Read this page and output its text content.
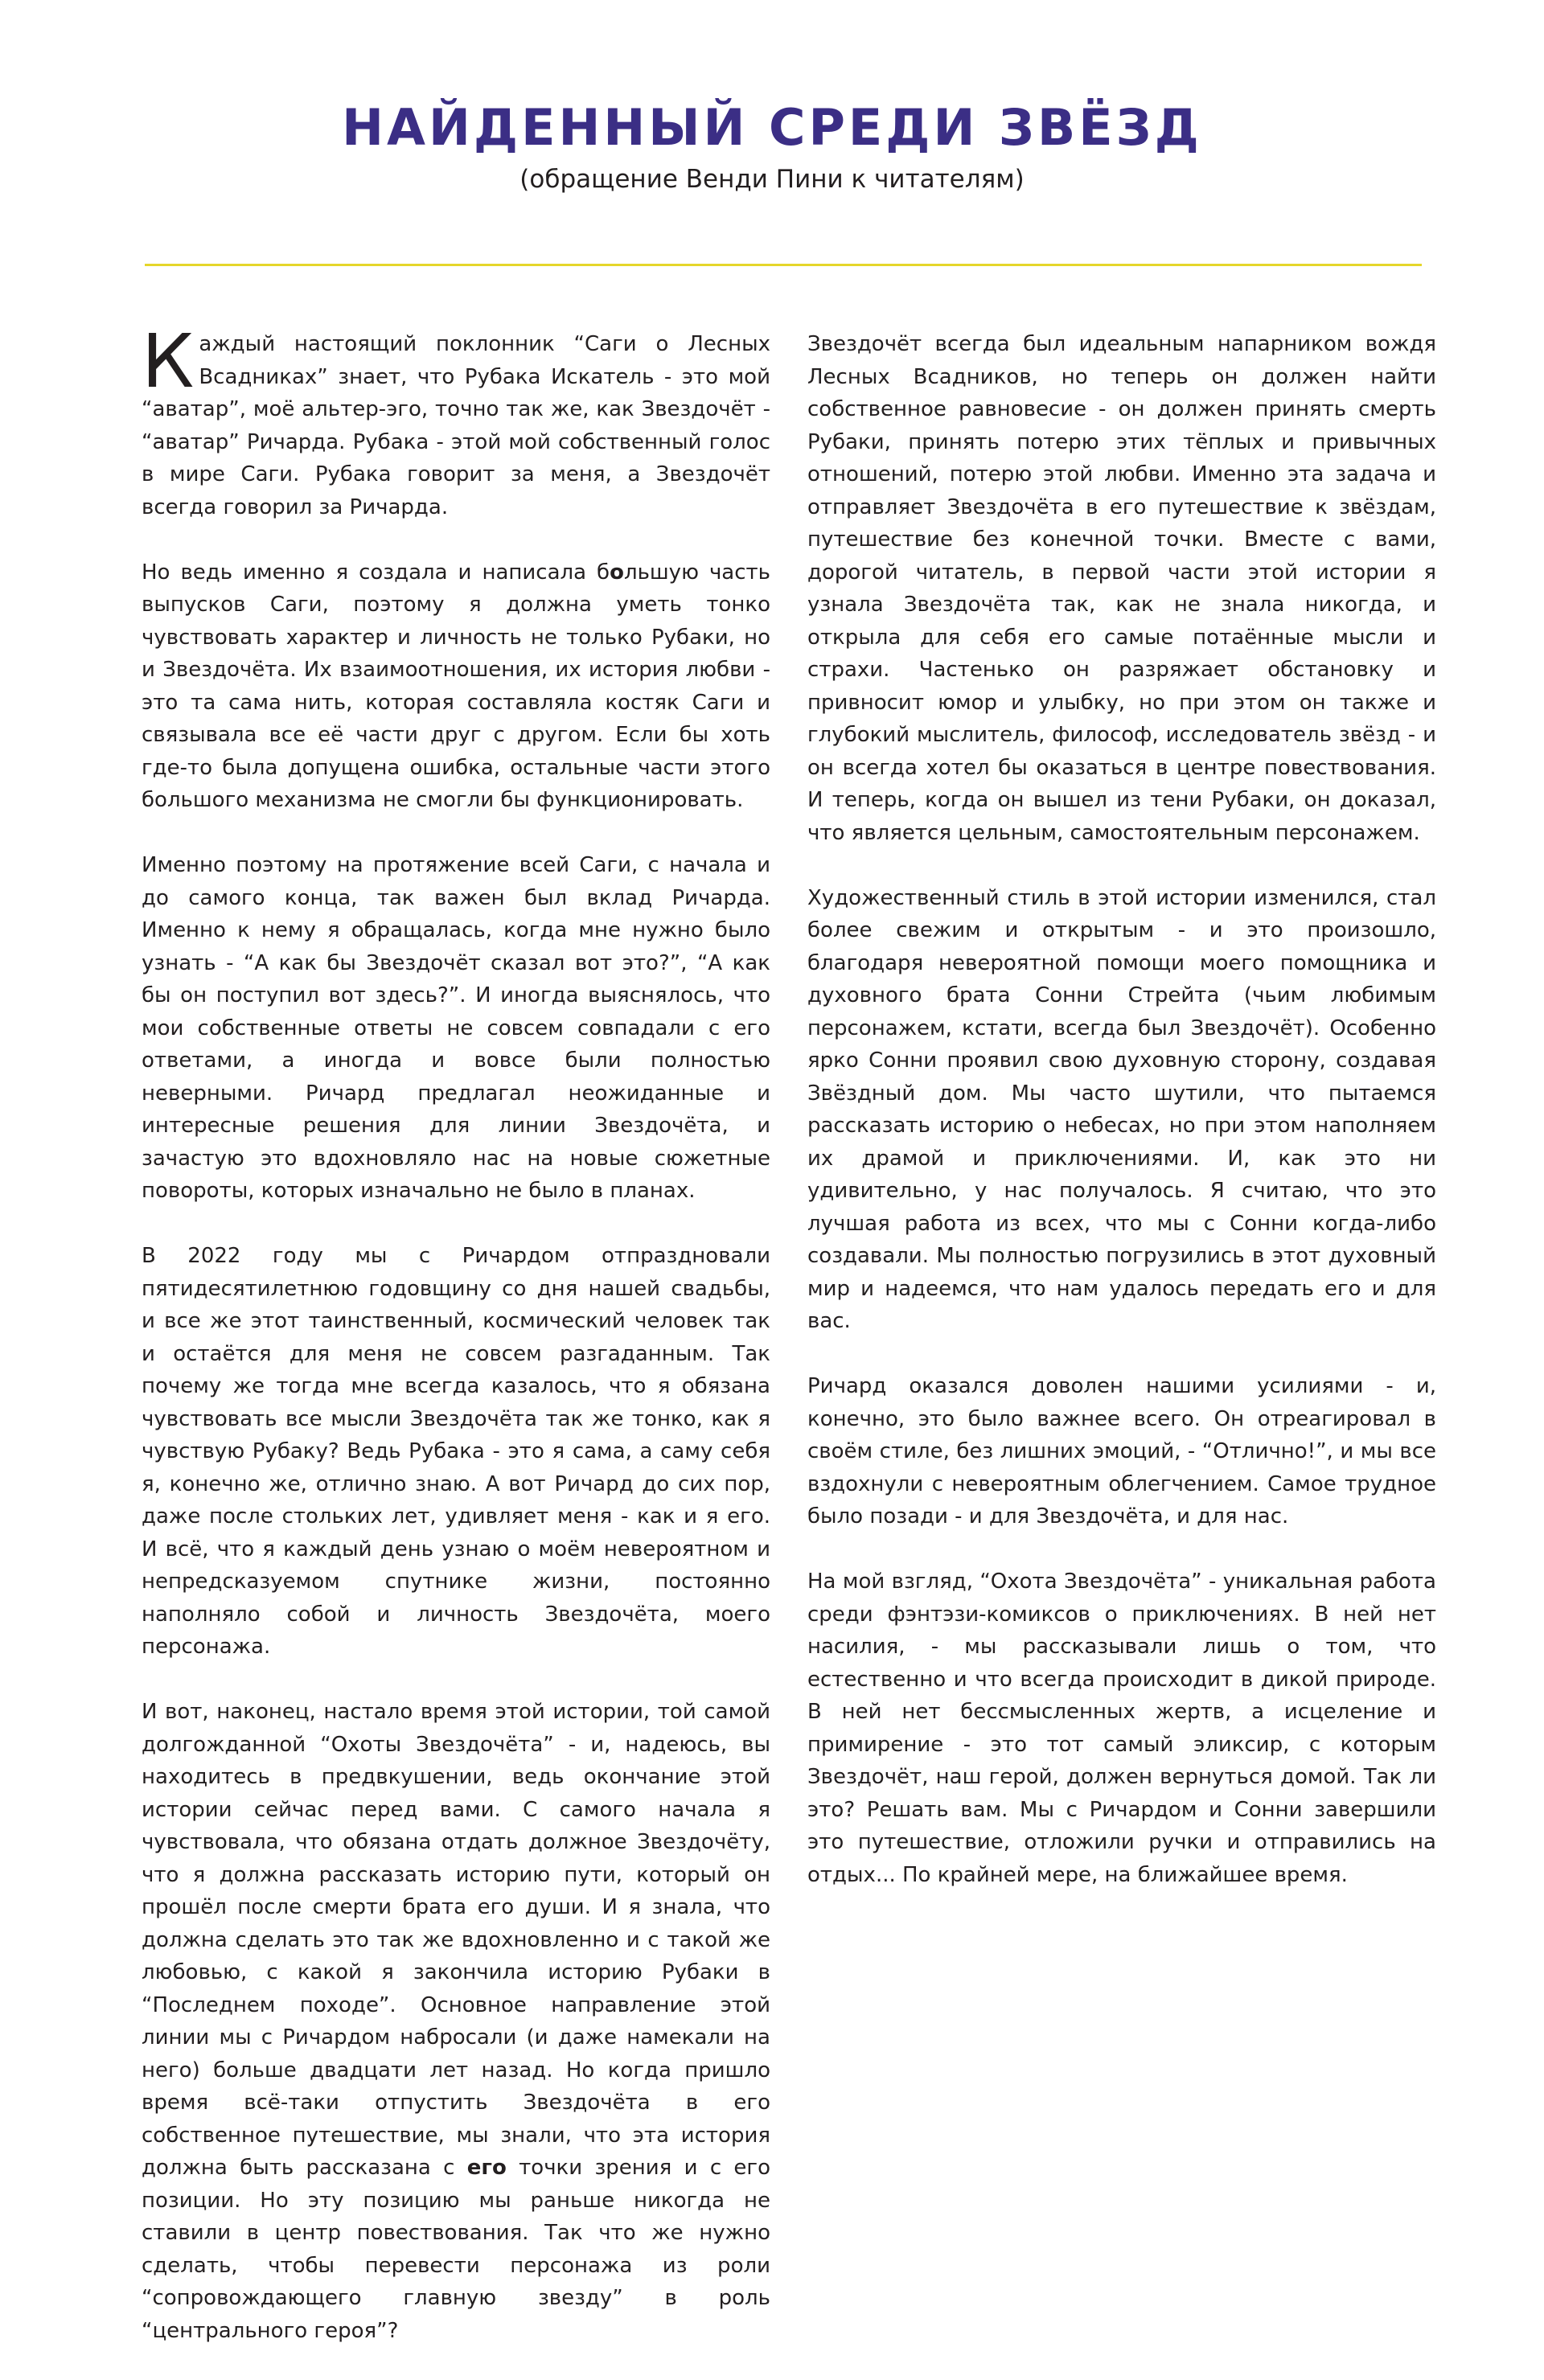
НАЙДЕННЫЙ СРЕДИ ЗВЁЗД
(обращение Венди Пини к читателям)

Каждый настоящий поклонник “Саги о Лесных Всадниках” знает, что Рубака Искатель - это мой “аватар”, моё альтер-эго, точно так же, как Звездочёт - “аватар” Ричарда. Рубака - этой мой собственный голос в мире Саги. Рубака говорит за меня, а Звездочёт всегда говорил за Ричарда.

Но ведь именно я создала и написала большую часть выпусков Саги, поэтому я должна уметь тонко чувствовать характер и личность не только Рубаки, но и Звездочёта. Их взаимоотношения, их история любви - это та сама нить, которая составляла костяк Саги и связывала все её части друг с другом. Если бы хоть где-то была допущена ошибка, остальные части этого большого механизма не смогли бы функционировать.

Именно поэтому на протяжение всей Саги, с начала и до самого конца, так важен был вклад Ричарда. Именно к нему я обращалась, когда мне нужно было узнать - “А как бы Звездочёт сказал вот это?”, “А как бы он поступил вот здесь?”. И иногда выяснялось, что мои собственные ответы не совсем совпадали с его ответами, а иногда и вовсе были полностью неверными. Ричард предлагал неожиданные и интересные решения для линии Звездочёта, и зачастую это вдохновляло нас на новые сюжетные повороты, которых изначально не было в планах.

В 2022 году мы с Ричардом отпраздновали пятидесятилетнюю годовщину со дня нашей свадьбы, и все же этот таинственный, космический человек так и остаётся для меня не совсем разгаданным. Так почему же тогда мне всегда казалось, что я обязана чувствовать все мысли Звездочёта так же тонко, как я чувствую Рубаку? Ведь Рубака - это я сама, а саму себя я, конечно же, отлично знаю. А вот Ричард до сих пор, даже после стольких лет, удивляет меня - как и я его. И всё, что я каждый день узнаю о моём невероятном и непредсказуемом спутнике жизни, постоянно наполняло собой и личность Звездочёта, моего персонажа.

И вот, наконец, настало время этой истории, той самой долгожданной “Охоты Звездочёта” - и, надеюсь, вы находитесь в предвкушении, ведь окончание этой истории сейчас перед вами. С самого начала я чувствовала, что обязана отдать должное Звездочёту, что я должна рассказать историю пути, который он прошёл после смерти брата его души. И я знала, что должна сделать это так же вдохновленно и с такой же любовью, с какой я закончила историю Рубаки в “Последнем походе”. Основное направление этой линии мы с Ричардом набросали (и даже намекали на него) больше двадцати лет назад. Но когда пришло время всё-таки отпустить Звездочёта в его собственное путешествие, мы знали, что эта история должна быть рассказана с его точки зрения и с его позиции. Но эту позицию мы раньше никогда не ставили в центр повествования. Так что же нужно сделать, чтобы перевести персонажа из роли “сопровождающего главную звезду” в роль “центрального героя”?

Звездочёт всегда был идеальным напарником вождя Лесных Всадников, но теперь он должен найти собственное равновесие - он должен принять смерть Рубаки, принять потерю этих тёплых и привычных отношений, потерю этой любви. Именно эта задача и отправляет Звездочёта в его путешествие к звёздам, путешествие без конечной точки. Вместе с вами, дорогой читатель, в первой части этой истории я узнала Звездочёта так, как не знала никогда, и открыла для себя его самые потаённые мысли и страхи. Частенько он разряжает обстановку и привносит юмор и улыбку, но при этом он также и глубокий мыслитель, философ, исследователь звёзд - и он всегда хотел бы оказаться в центре повествования. И теперь, когда он вышел из тени Рубаки, он доказал, что является цельным, самостоятельным персонажем.

Художественный стиль в этой истории изменился, стал более свежим и открытым - и это произошло, благодаря невероятной помощи моего помощника и духовного брата Сонни Стрейта (чьим любимым персонажем, кстати, всегда был Звездочёт). Особенно ярко Сонни проявил свою духовную сторону, создавая Звёздный дом. Мы часто шутили, что пытаемся рассказать историю о небесах, но при этом наполняем их драмой и приключениями. И, как это ни удивительно, у нас получалось. Я считаю, что это лучшая работа из всех, что мы с Сонни когда-либо создавали. Мы полностью погрузились в этот духовный мир и надеемся, что нам удалось передать его и для вас.

Ричард оказался доволен нашими усилиями - и, конечно, это было важнее всего. Он отреагировал в своём стиле, без лишних эмоций, - “Отлично!”, и мы все вздохнули с невероятным облегчением. Самое трудное было позади - и для Звездочёта, и для нас.

На мой взгляд, “Охота Звездочёта” - уникальная работа среди фэнтэзи-комиксов о приключениях. В ней нет насилия, - мы рассказывали лишь о том, что естественно и что всегда происходит в дикой природе. В ней нет бессмысленных жертв, а исцеление и примирение - это тот самый эликсир, с которым Звездочёт, наш герой, должен вернуться домой. Так ли это? Решать вам. Мы с Ричардом и Сонни завершили это путешествие, отложили ручки и отправились на отдых... По крайней мере, на ближайшее время.
